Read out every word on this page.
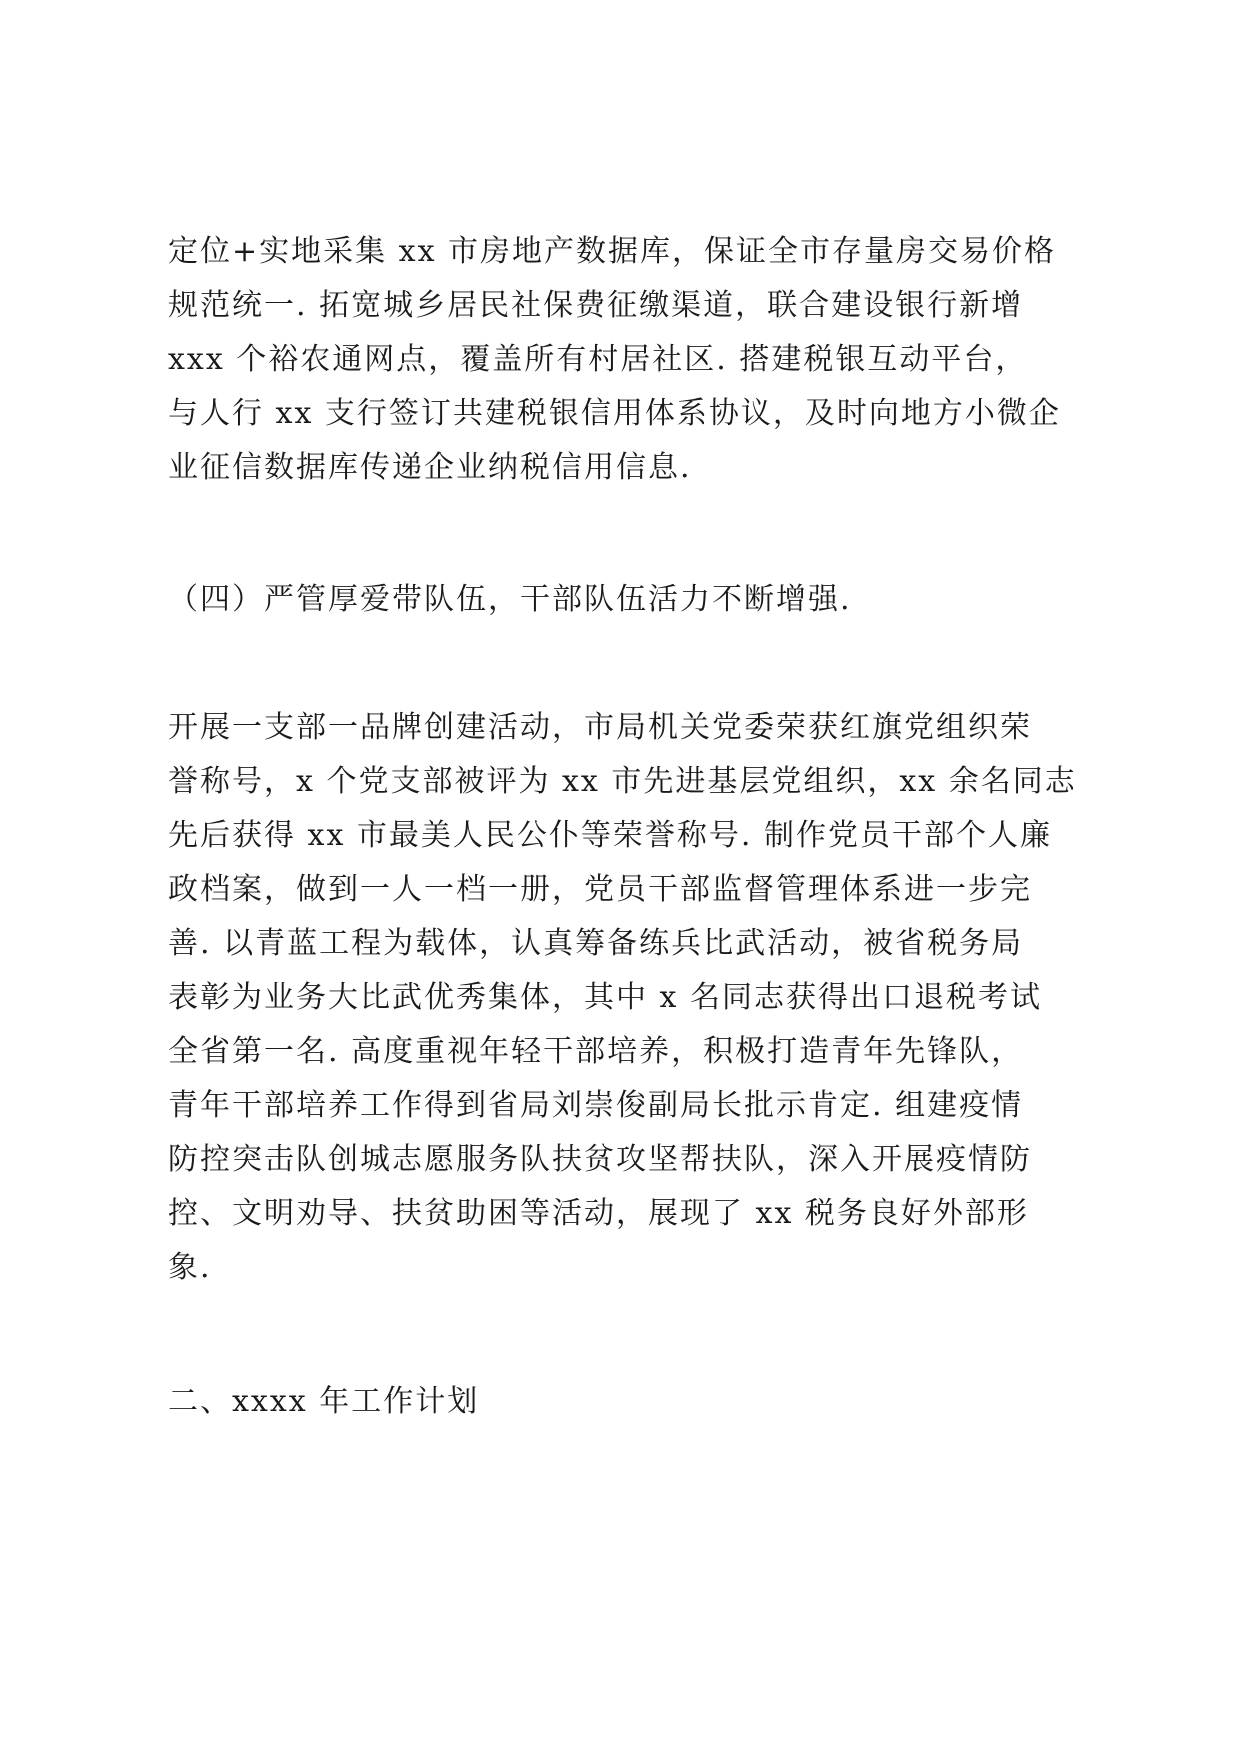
定位+实地采集 xx 市房地产数据库，保证全市存量房交易价格
规范统一. 拓宽城乡居民社保费征缴渠道，联合建设银行新增
xxx 个裕农通网点，覆盖所有村居社区. 搭建税银互动平台，
与人行 xx 支行签订共建税银信用体系协议，及时向地方小微企
业征信数据库传递企业纳税信用信息.
（四）严管厚爱带队伍，干部队伍活力不断增强.
开展一支部一品牌创建活动，市局机关党委荣获红旗党组织荣
誉称号，x 个党支部被评为 xx 市先进基层党组织，xx 余名同志
先后获得 xx 市最美人民公仆等荣誉称号. 制作党员干部个人廉
政档案，做到一人一档一册，党员干部监督管理体系进一步完
善. 以青蓝工程为载体，认真筹备练兵比武活动，被省税务局
表彰为业务大比武优秀集体，其中 x 名同志获得出口退税考试
全省第一名. 高度重视年轻干部培养，积极打造青年先锋队，
青年干部培养工作得到省局刘崇俊副局长批示肯定. 组建疫情
防控突击队创城志愿服务队扶贫攻坚帮扶队，深入开展疫情防
控、文明劝导、扶贫助困等活动，展现了 xx 税务良好外部形
象.
二、xxxx 年工作计划
